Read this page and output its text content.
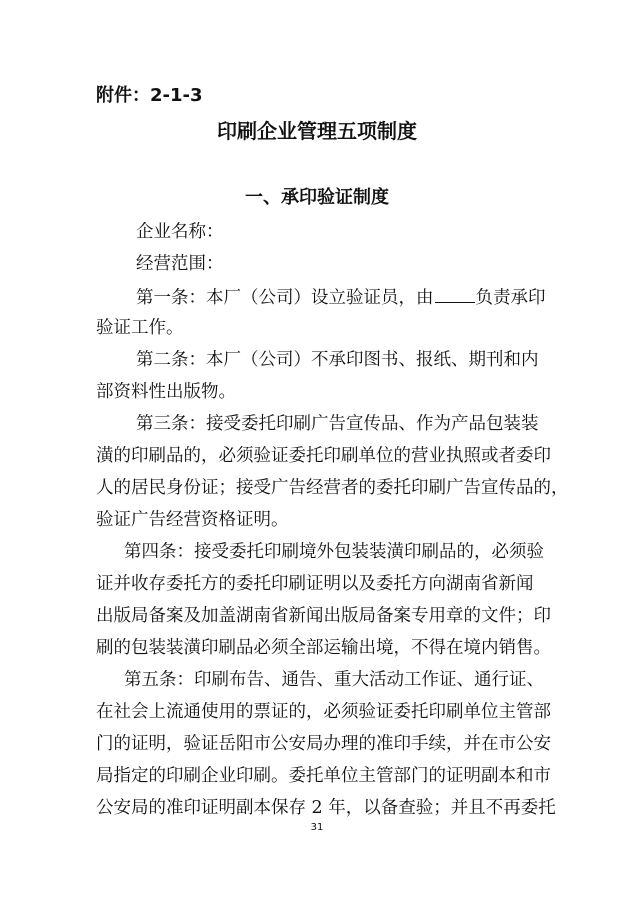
附件：2-1-3
印刷企业管理五项制度
一、承印验证制度
企业名称：
经营范围：
第一条：本厂（公司）设立验证员，由 负责承印
验证工作。
第二条：本厂（公司）不承印图书、报纸、期刊和内
部资料性出版物。
第三条：接受委托印刷广告宣传品、作为产品包装装
潢的印刷品的，必须验证委托印刷单位的营业执照或者委印
人的居民身份证；接受广告经营者的委托印刷广告宣传品的，
验证广告经营资格证明。
第四条：接受委托印刷境外包装装潢印刷品的，必须验
证并收存委托方的委托印刷证明以及委托方向湖南省新闻
出版局备案及加盖湖南省新闻出版局备案专用章的文件；印
刷的包装装潢印刷品必须全部运输出境，不得在境内销售。
第五条：印刷布告、通告、重大活动工作证、通行证、
在社会上流通使用的票证的，必须验证委托印刷单位主管部
门的证明，验证岳阳市公安局办理的准印手续，并在市公安
局指定的印刷企业印刷。委托单位主管部门的证明副本和市
公安局的准印证明副本保存 2 年，以备查验；并且不再委托
31
